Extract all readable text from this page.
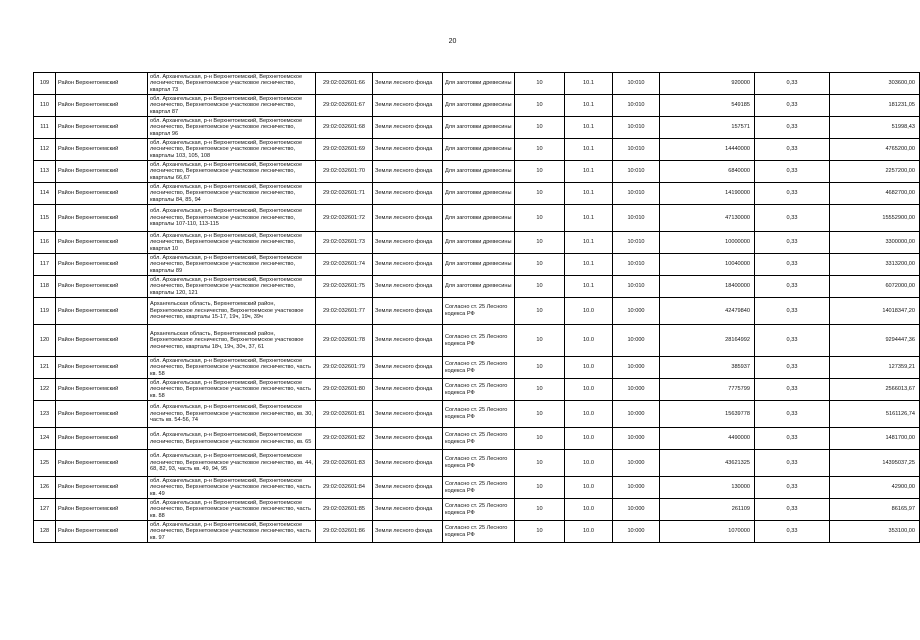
20
109	Район Верхнетоемский	обл. Архангельская, р-н Верхнетоемский, Верхнетоемское лесничество, Верхнетоемское участковое лесничество, квартал 73	29:02:032601:66	Земли лесного фонда	Для заготовки древесины	10	10.1	10:010	920000	0,33	303600,00
110	Район Верхнетоемский	обл. Архангельская, р-н Верхнетоемский, Верхнетоемское лесничество, Верхнетоемское участковое лесничество, квартал 87	29:02:032601:67	Земли лесного фонда	Для заготовки древесины	10	10.1	10:010	549185	0,33	181231,05
111	Район Верхнетоемский	обл. Архангельская, р-н Верхнетоемский, Верхнетоемское лесничество, Верхнетоемское участковое лесничество, квартал 96	29:02:032601:68	Земли лесного фонда	Для заготовки древесины	10	10.1	10:010	157571	0,33	51998,43
112	Район Верхнетоемский	обл. Архангельская, р-н Верхнетоемский, Верхнетоемское лесничество, Верхнетоемское участковое лесничество, кварталы 103, 105, 108	29:02:032601:69	Земли лесного фонда	Для заготовки древесины	10	10.1	10:010	14440000	0,33	4765200,00
113	Район Верхнетоемский	обл. Архангельская, р-н Верхнетоемский, Верхнетоемское лесничество, Верхнетоемское участковое лесничество, кварталы 66,67	29:02:032601:70	Земли лесного фонда	Для заготовки древесины	10	10.1	10:010	6840000	0,33	2257200,00
114	Район Верхнетоемский	обл. Архангельская, р-н Верхнетоемский, Верхнетоемское лесничество, Верхнетоемское участковое лесничество, кварталы 84, 85, 94	29:02:032601:71	Земли лесного фонда	Для заготовки древесины	10	10.1	10:010	14190000	0,33	4682700,00
115	Район Верхнетоемский	обл. Архангельская, р-н Верхнетоемский, Верхнетоемское лесничество, Верхнетоемское участковое лесничество, кварталы 107-110, 113-115	29:02:032601:72	Земли лесного фонда	Для заготовки древесины	10	10.1	10:010	47130000	0,33	15552900,00
116	Район Верхнетоемский	обл. Архангельская, р-н Верхнетоемский, Верхнетоемское лесничество, Верхнетоемское участковое лесничество, квартал 10	29:02:032601:73	Земли лесного фонда	Для заготовки древесины	10	10.1	10:010	10000000	0,33	3300000,00
117	Район Верхнетоемский	обл. Архангельская, р-н Верхнетоемский, Верхнетоемское лесничество, Верхнетоемское участковое лесничество, кварталы 89	29:02:032601:74	Земли лесного фонда	Для заготовки древесины	10	10.1	10:010	10040000	0,33	3313200,00
118	Район Верхнетоемский	обл. Архангельская, р-н Верхнетоемский, Верхнетоемское лесничество, Верхнетоемское участковое лесничество, кварталы 120, 121	29:02:032601:75	Земли лесного фонда	Для заготовки древесины	10	10.1	10:010	18400000	0,33	6072000,00
119	Район Верхнетоемский	Архангельская область, Верхнетоемский район, Верхнетоемское лесничество, Верхнетоемское участковое лесничество, кварталы 15-17, 19ч, 19ч, 39ч	29:02:032601:77	Земли лесного фонда	Согласно ст. 25 Лесного кодекса РФ	10	10.0	10:000	42479840	0,33	14018347,20
120	Район Верхнетоемский	Архангельская область, Верхнетоемский район, Верхнетоемское лесничество, Верхнетоемское участковое лесничество, кварталы 18ч, 19ч, 30ч, 37, 61	29:02:032601:78	Земли лесного фонда	Согласно ст. 25 Лесного кодекса РФ	10	10.0	10:000	28164992	0,33	9294447,36
121	Район Верхнетоемский	обл. Архангельская, р-н Верхнетоемский, Верхнетоемское лесничество, Верхнетоемское участковое лесничество, часть кв. 58	29:02:032601:79	Земли лесного фонда	Согласно ст. 25 Лесного кодекса РФ	10	10.0	10:000	385937	0,33	127359,21
122	Район Верхнетоемский	обл. Архангельская, р-н Верхнетоемский, Верхнетоемское лесничество, Верхнетоемское участковое лесничество, часть кв. 58	29:02:032601:80	Земли лесного фонда	Согласно ст. 25 Лесного кодекса РФ	10	10.0	10:000	7775799	0,33	2566013,67
123	Район Верхнетоемский	обл. Архангельская, р-н Верхнетоемский, Верхнетоемское лесничество, Верхнетоемское участковое лесничество, кв. 30, часть кв. 54-56, 74	29:02:032601:81	Земли лесного фонда	Согласно ст. 25 Лесного кодекса РФ	10	10.0	10:000	15639778	0,33	5161126,74
124	Район Верхнетоемский	обл. Архангельская, р-н Верхнетоемский, Верхнетоемское лесничество, Верхнетоемское участковое лесничество, кв. 65	29:02:032601:82	Земли лесного фонда	Согласно ст. 25 Лесного кодекса РФ	10	10.0	10:000	4490000	0,33	1481700,00
125	Район Верхнетоемский	обл. Архангельская, р-н Верхнетоемский, Верхнетоемское лесничество, Верхнетоемское участковое лесничество, кв. 44, 68, 82, 93, часть кв. 49, 94, 95	29:02:032601:83	Земли лесного фонда	Согласно ст. 25 Лесного кодекса РФ	10	10.0	10:000	43621325	0,33	14395037,25
126	Район Верхнетоемский	обл. Архангельская, р-н Верхнетоемский, Верхнетоемское лесничество, Верхнетоемское участковое лесничество, часть кв. 49	29:02:032601:84	Земли лесного фонда	Согласно ст. 25 Лесного кодекса РФ	10	10.0	10:000	130000	0,33	42900,00
127	Район Верхнетоемский	обл. Архангельская, р-н Верхнетоемский, Верхнетоемское лесничество, Верхнетоемское участковое лесничество, часть кв. 88	29:02:032601:85	Земли лесного фонда	Согласно ст. 25 Лесного кодекса РФ	10	10.0	10:000	261109	0,33	86165,97
128	Район Верхнетоемский	обл. Архангельская, р-н Верхнетоемский, Верхнетоемское лесничество, Верхнетоемское участковое лесничество, часть кв. 97	29:02:032601:86	Земли лесного фонда	Согласно ст. 25 Лесного кодекса РФ	10	10.0	10:000	1070000	0,33	353100,00
